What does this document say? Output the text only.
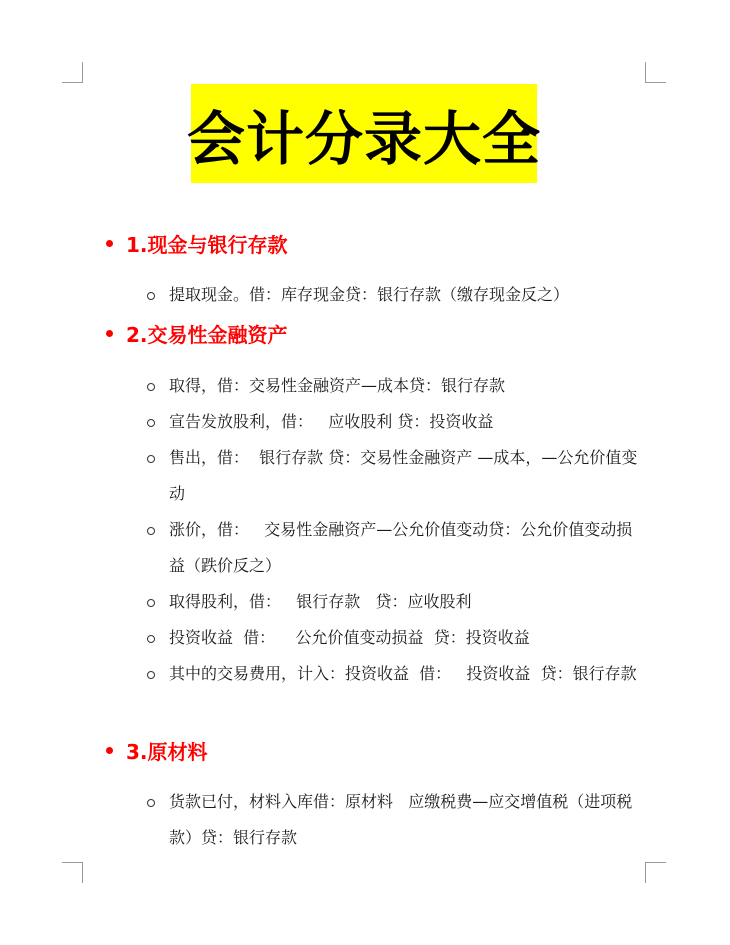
会计分录大全
1.现金与银行存款
提取现金。借：库存现金贷：银行存款（缴存现金反之）
2.交易性金融资产
取得，借：交易性金融资产—成本贷：银行存款
宣告发放股利，借：   应收股利 贷：投资收益
售出，借：  银行存款 贷：交易性金融资产 —成本，—公允价值变动
涨价，借：   交易性金融资产—公允价值变动贷：公允价值变动损益（跌价反之）
取得股利，借：   银行存款   贷：应收股利
投资收益  借：    公允价值变动损益  贷：投资收益
其中的交易费用，计入：投资收益  借：   投资收益  贷：银行存款
3.原材料
货款已付，材料入库借：原材料   应缴税费—应交增值税（进项税款）贷：银行存款
